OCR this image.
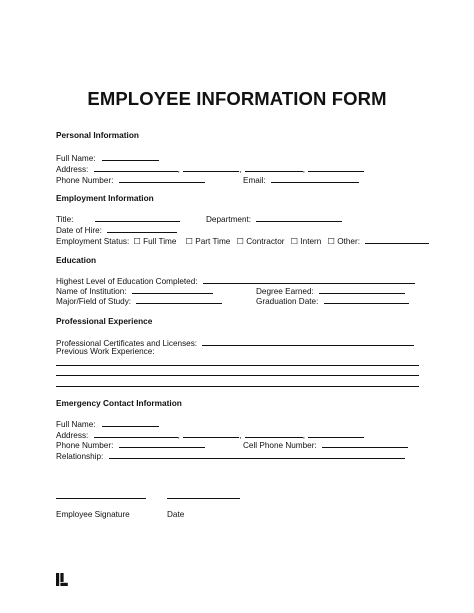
EMPLOYEE INFORMATION FORM
Personal Information
Full Name:
Address:	,	,	,
Phone Number:	Email:
Employment Information
Title:	Department:
Date of Hire:
Employment Status: ☐ Full Time ☐ Part Time ☐ Contractor ☐ Intern ☐ Other:
Education
Highest Level of Education Completed:
Name of Institution:	Degree Earned:
Major/Field of Study:	Graduation Date:
Professional Experience
Professional Certificates and Licenses:
Previous Work Experience:
Emergency Contact Information
Full Name:
Address:	,	,	,
Phone Number:	Cell Phone Number:
Relationship:
Employee Signature	Date
